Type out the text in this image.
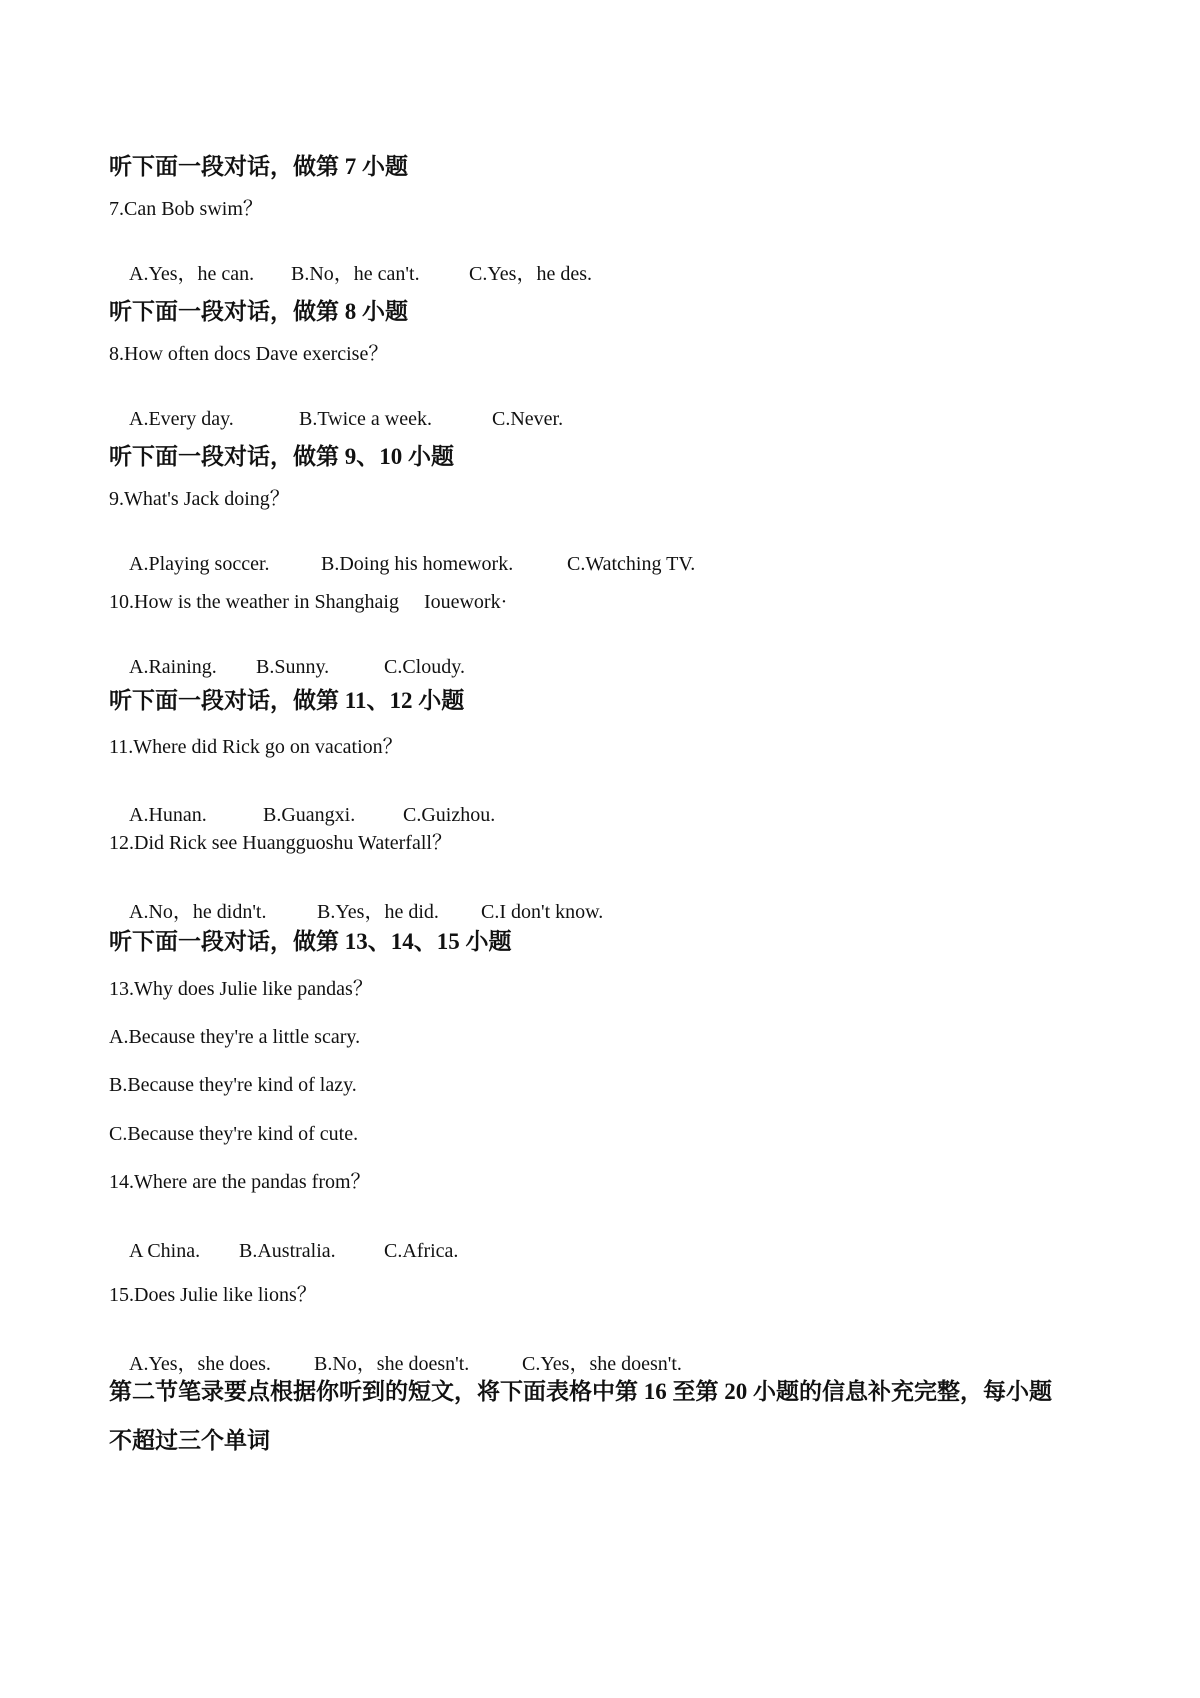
听下面一段对话，做第 7 小题
7.Can Bob swim？

A.Yes，he can. B.No，he can't. C.Yes，he des.

听下面一段对话，做第 8 小题
8.How often docs Dave exercise？

A.Every day.	B.Twice a week.	C.Never.

听下面一段对话，做第 9、10 小题
9.What's Jack doing？

A.Playing soccer.	B.Doing his homework.	C.Watching TV.

10.How is the weather in Shanghaig     Iouework·

A.Raining. B.Sunny.	C.Cloudy.

听下面一段对话，做第 11、12 小题
11.Where did Rick go on vacation？

A.Hunan.	B.Guangxi. C.Guizhou.

12.Did Rick see Huangguoshu Waterfall？

A.No，he didn't.	B.Yes，he did. C.I don't know.

听下面一段对话，做第 13、14、15 小题
13.Why does Julie like pandas？
A.Because they're a little scary.
B.Because they're kind of lazy.
C.Because they're kind of cute.
14.Where are the pandas from？

A China. B.Australia. C.Africa.

15.Does Julie like lions？

A.Yes，she does. B.No，she doesn't.	C.Yes，she doesn't.

第二节笔录要点根据你听到的短文，将下面表格中第 16 至第 20 小题的信息补充完整，每小题
不超过三个单词
